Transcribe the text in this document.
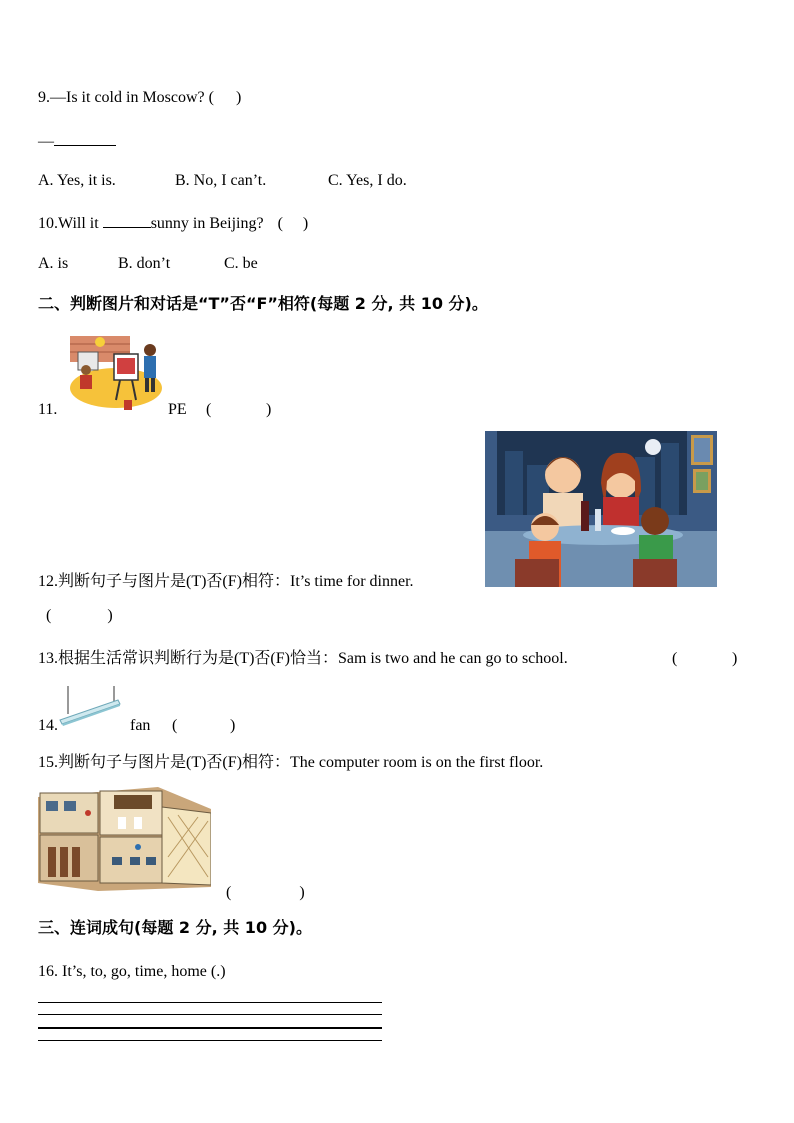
9.—Is it cold in Moscow? ( )
—
A. Yes, it is.	B. No, I can’t.	C. Yes, I do.
10.Will it	sunny in Beijing? ( )
A. is	B. don’t	C. be
二、判断图片和对话是“T”否“F”相符(每题 2 分, 共 10 分)。
11.	PE (	)
12.判断句子与图片是(T)否(F)相符：It’s time for dinner.
(	)
13.根据生活常识判断行为是(T)否(F)恰当：Sam is two and he can go to school.	(	)
14.	fan (	)
15.判断句子与图片是(T)否(F)相符：The computer room is on the first floor.
(	)
三、连词成句(每题 2 分, 共 10 分)。
16. It’s, to, go, time, home (.)
